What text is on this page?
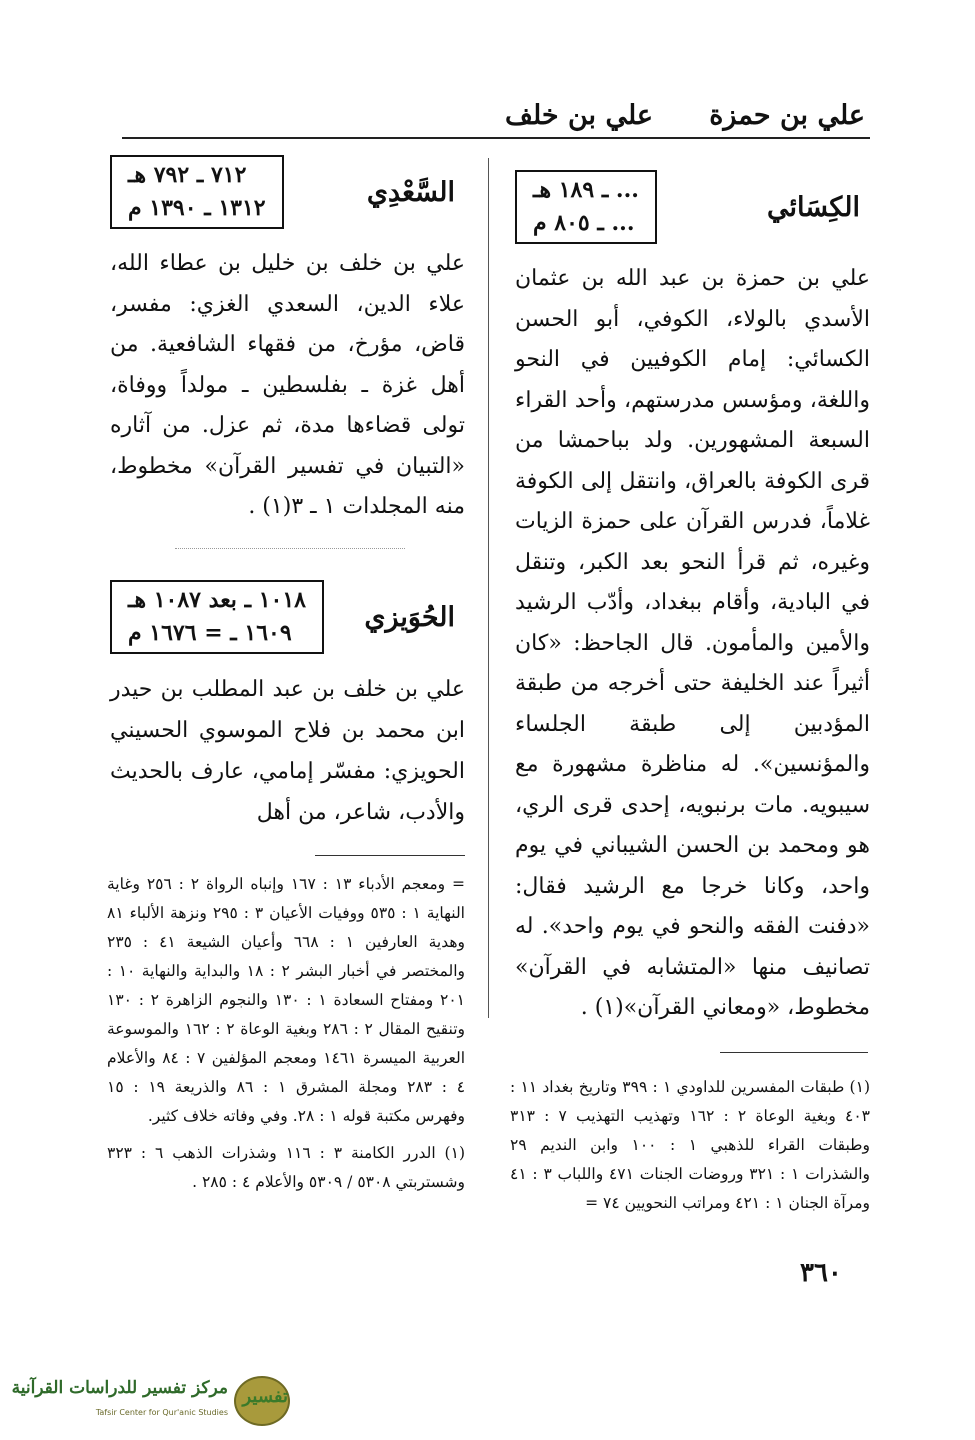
علي بن حمزة
علي بن خلف
الكِسَائي
... ـ ١٨٩ هـ
... ـ ٨٠٥ م
علي بن حمزة بن عبد الله بن عثمان الأسدي بالولاء، الكوفي، أبو الحسن الكسائي: إمام الكوفيين في النحو واللغة، ومؤسس مدرستهم، وأحد القراء السبعة المشهورين. ولد بباحمشا من قرى الكوفة بالعراق، وانتقل إلى الكوفة غلاماً، فدرس القرآن على حمزة الزيات وغيره، ثم قرأ النحو بعد الكبر، وتنقل في البادية، وأقام ببغداد، وأدّب الرشيد والأمين والمأمون. قال الجاحظ: «كان أثيراً عند الخليفة حتى أخرجه من طبقة المؤدبين إلى طبقة الجلساء والمؤنسين». له مناظرة مشهورة مع سيبويه. مات برنبويه، إحدى قرى الري، هو ومحمد بن الحسن الشيباني في يوم واحد، وكانا خرجا مع الرشيد فقال: «دفنت الفقه والنحو في يوم واحد». له تصانيف منها «المتشابه في القرآن» مخطوط، «ومعاني القرآن»(١) .
السَّعْدِي
٧١٢ ـ ٧٩٢ هـ
١٣١٢ ـ ١٣٩٠ م
علي بن خلف بن خليل بن عطاء الله، علاء الدين، السعدي الغزي: مفسر، قاض، مؤرخ، من فقهاء الشافعية. من أهل غزة ـ بفلسطين ـ مولداً ووفاة، تولى قضاءها مدة، ثم عزل. من آثاره «التبيان في تفسير القرآن» مخطوط، منه المجلدات ١ ـ ٣(١) .
الحُوَيزي
١٠١٨ ـ بعد ١٠٨٧ هـ
١٦٠٩ ـ = ١٦٧٦ م
علي بن خلف بن عبد المطلب بن حيدر ابن محمد بن فلاح الموسوي الحسيني الحويزي: مفسّر إمامي، عارف بالحديث والأدب، شاعر، من أهل

= ومعجم الأدباء ١٣ : ١٦٧ وإنباه الرواة ٢ : ٢٥٦ وغاية النهاية ١ : ٥٣٥ ووفيات الأعيان ٣ : ٢٩٥ ونزهة الألباء ٨١ وهدية العارفين ١ : ٦٦٨ وأعيان الشيعة ٤١ : ٢٣٥ والمختصر في أخبار البشر ٢ : ١٨ والبداية والنهاية ١٠ : ٢٠١ ومفتاح السعادة ١ : ١٣٠ والنجوم الزاهرة ٢ : ١٣٠ وتنقيح المقال ٢ : ٢٨٦ وبغية الوعاة ٢ : ١٦٢ والموسوعة العربية الميسرة ١٤٦١ ومعجم المؤلفين ٧ : ٨٤ والأعلام ٤ : ٢٨٣ ومجلة المشرق ١ : ٨٦ والذريعة ١٩ : ١٥ وفهرس مكتبة قوله ١ : ٢٨. وفي وفاته خلاف كثير.

(١) الدرر الكامنة ٣ : ١١٦ وشذرات الذهب ٦ : ٣٢٣ وشستربتي ٥٣٠٨ / ٥٣٠٩ والأعلام ٤ : ٢٨٥ .

(١) طبقات المفسرين للداودي ١ : ٣٩٩ وتاريخ بغداد ١١ : ٤٠٣ وبغية الوعاة ٢ : ١٦٢ وتهذيب التهذيب ٧ : ٣١٣ وطبقات القراء للذهبي ١ : ١٠٠ وابن النديم ٢٩ والشذرات ١ : ٣٢١ وروضات الجنات ٤٧١ واللباب ٣ : ٤١ ومرآة الجنان ١ : ٤٢١ ومراتب النحويين ٧٤ =

٣٦٠
تفسير
مركز تفسير للدراسات القرآنية
Tafsir Center for Qur'anic Studies
